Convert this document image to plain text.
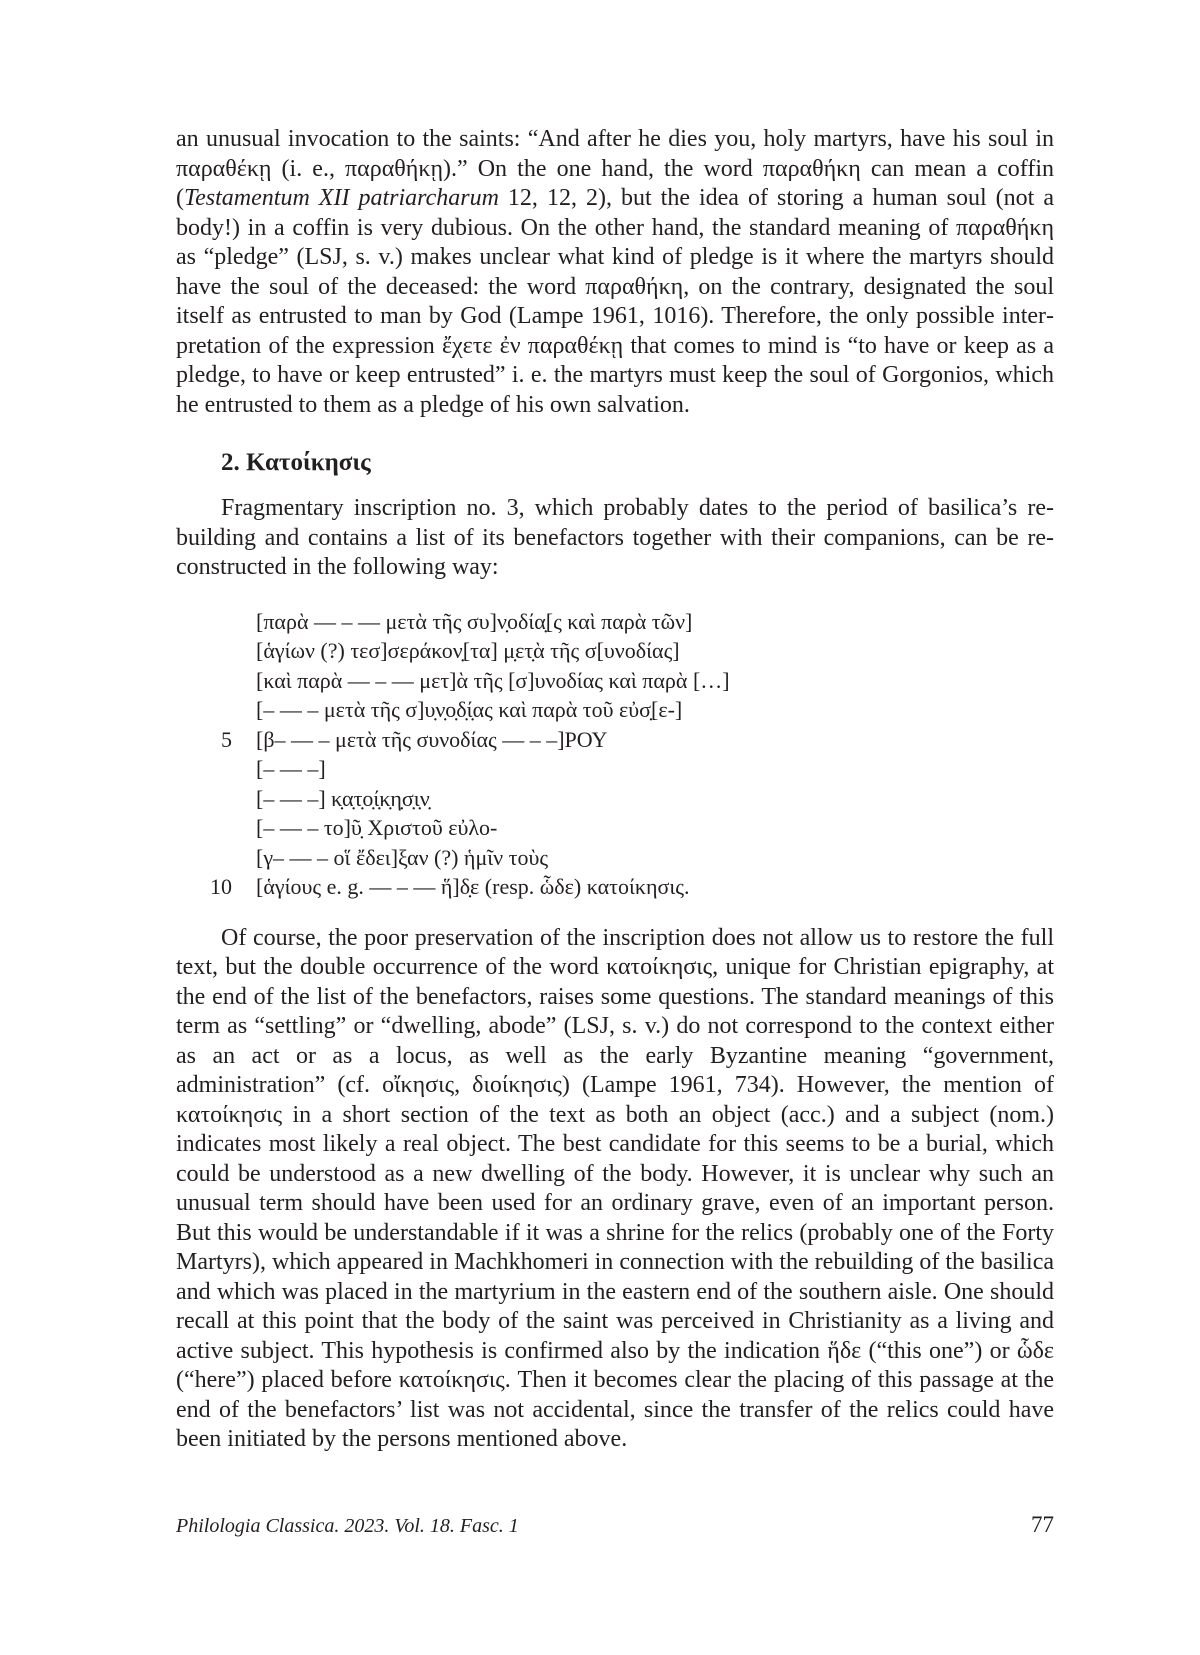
an unusual invocation to the saints: “And after he dies you, holy martyrs, have his soul in παραθέκῃ (i. e., παραθήκῃ).” On the one hand, the word παραθήκη can mean a coffin (Testamentum XII patriarcharum 12, 12, 2), but the idea of storing a human soul (not a body!) in a coffin is very dubious. On the other hand, the standard meaning of παραθήκη as “pledge” (LSJ, s. v.) makes unclear what kind of pledge is it where the martyrs should have the soul of the deceased: the word παραθήκη, on the contrary, designated the soul itself as entrusted to man by God (Lampe 1961, 1016). Therefore, the only possible interpretation of the expression ἔχετε ἐν παραθέκῃ that comes to mind is “to have or keep as a pledge, to have or keep entrusted” i. e. the martyrs must keep the soul of Gorgonios, which he entrusted to them as a pledge of his own salvation.

2. Κατοίκησις

Fragmentary inscription no. 3, which probably dates to the period of basilica’s rebuilding and contains a list of its benefactors together with their companions, can be reconstructed in the following way:

[παρὰ — – — μετὰ τῆς συ]ν̣οδία̣[ς καὶ παρὰ τῶν]
[ἁγίων (?) τεσ]σεράκον̣[τα] μ̣ετ̣ὰ τῆς σ[υνοδίας]
[καὶ παρὰ — – — μετ]ὰ τῆς [σ]υνοδίας καὶ παρὰ […]
[– — – μετὰ τῆς σ]υ̣ν̣ο̣δ̣ί̣ας καὶ παρὰ τοῦ εὐσ̣[ε-]
5	[β– — – μετὰ τῆς συνοδίας — – –]ΡΟΥ
[– — –]
[– — –] κ̣α̣τ̣ο̣ί̣κ̣η̣σ̣ι̣ν̣
[– — – το]ῦ̣ Χριστοῦ εὐλο-
[γ– — – οἵ ἔδει]ξαν (?) ἡμῖν τοὺς
10	[ἁγίους e. g. — – — ἥ]δ̣ε (resp. ὧδε) κατοίκησις.

Of course, the poor preservation of the inscription does not allow us to restore the full text, but the double occurrence of the word κατοίκησις, unique for Christian epigraphy, at the end of the list of the benefactors, raises some questions. The standard meanings of this term as “settling” or “dwelling, abode” (LSJ, s. v.) do not correspond to the context either as an act or as a locus, as well as the early Byzantine meaning “government, administration” (cf. οἴκησις, διοίκησις) (Lampe 1961, 734). However, the mention of κατοίκησις in a short section of the text as both an object (acc.) and a subject (nom.) indicates most likely a real object. The best candidate for this seems to be a burial, which could be understood as a new dwelling of the body. However, it is unclear why such an unusual term should have been used for an ordinary grave, even of an important person. But this would be understandable if it was a shrine for the relics (probably one of the Forty Martyrs), which appeared in Machkhomeri in connection with the rebuilding of the basilica and which was placed in the martyrium in the eastern end of the southern aisle. One should recall at this point that the body of the saint was perceived in Christianity as a living and active subject. This hypothesis is confirmed also by the indication ἥδε (“this one”) or ὧδε (“here”) placed before κατοίκησις. Then it becomes clear the placing of this passage at the end of the benefactors’ list was not accidental, since the transfer of the relics could have been initiated by the persons mentioned above.

Philologia Classica. 2023. Vol. 18. Fasc. 1	77
